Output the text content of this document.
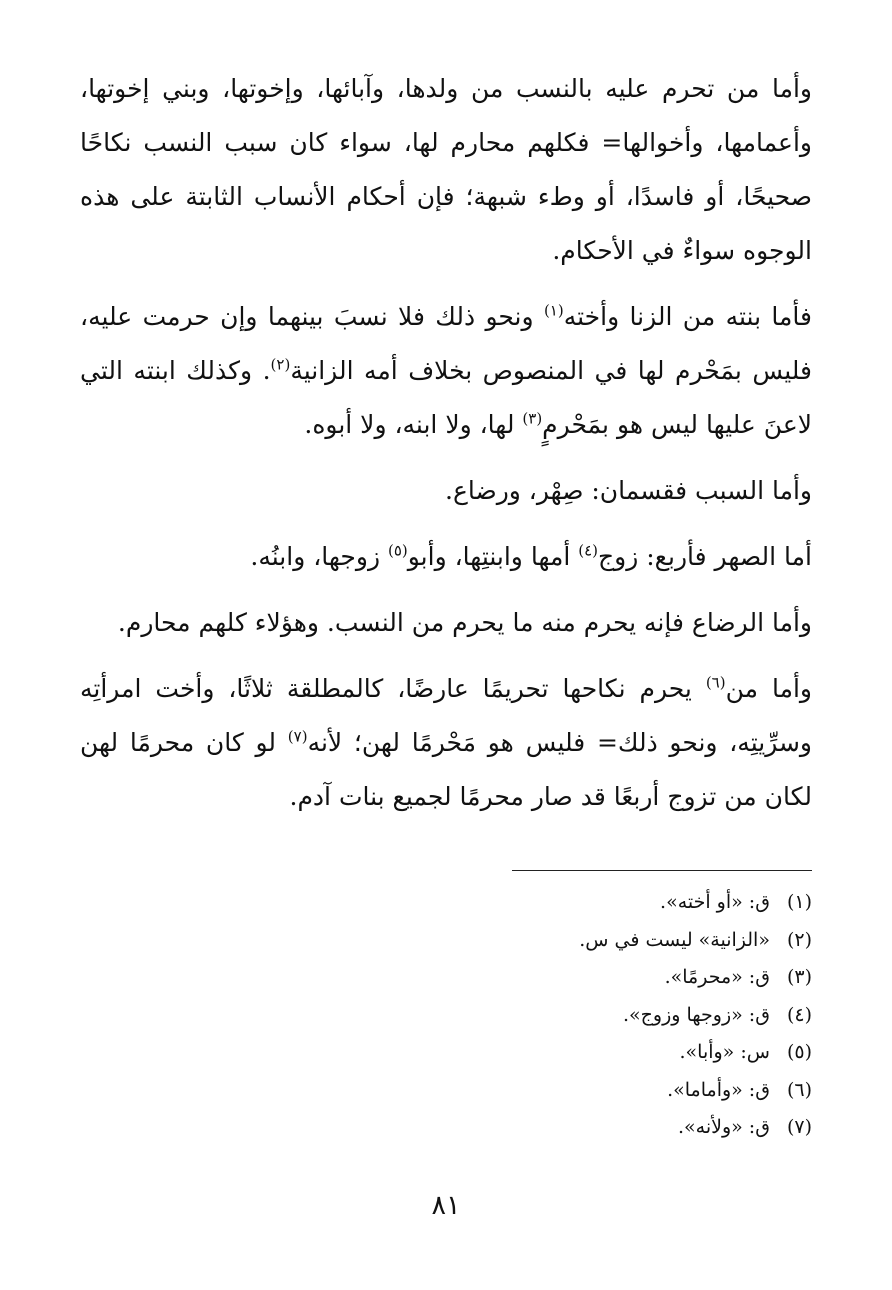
وأما من تحرم عليه بالنسب من ولدها، وآبائها، وإخوتها، وبني إخوتها، وأعمامها، وأخوالها= فكلهم محارم لها، سواء كان سبب النسب نكاحًا صحيحًا، أو فاسدًا، أو وطء شبهة؛ فإن أحكام الأنساب الثابتة على هذه الوجوه سواءٌ في الأحكام.

فأما بنته من الزنا وأخته$^{(١)}$ ونحو ذلك فلا نسبَ بينهما وإن حرمت عليه، فليس بمَحْرم لها في المنصوص بخلاف أمه الزانية$^{(٢)}$. وكذلك ابنته التي لاعنَ عليها ليس هو بمَحْرمٍ$^{(٣)}$ لها، ولا ابنه، ولا أبوه.

وأما السبب فقسمان: صِهْر، ورضاع.

أما الصهر فأربع: زوج$^{(٤)}$ أمها وابنتِها، وأبو$^{(٥)}$ زوجها، وابنُه.

وأما الرضاع فإنه يحرم منه ما يحرم من النسب. وهؤلاء كلهم محارم.

وأما من$^{(٦)}$ يحرم نكاحها تحريمًا عارضًا، كالمطلقة ثلاثًا، وأخت امرأتِه وسرِّيتِه، ونحو ذلك= فليس هو مَحْرمًا لهن؛ لأنه$^{(٧)}$ لو كان محرمًا لهن لكان من تزوج أربعًا قد صار محرمًا لجميع بنات آدم.

(١) ق: «أو أخته».
(٢) «الزانية» ليست في س.
(٣) ق: «محرمًا».
(٤) ق: «زوجها وزوج».
(٥) س: «وأبا».
(٦) ق: «وأماما».
(٧) ق: «ولأنه».
٨١
